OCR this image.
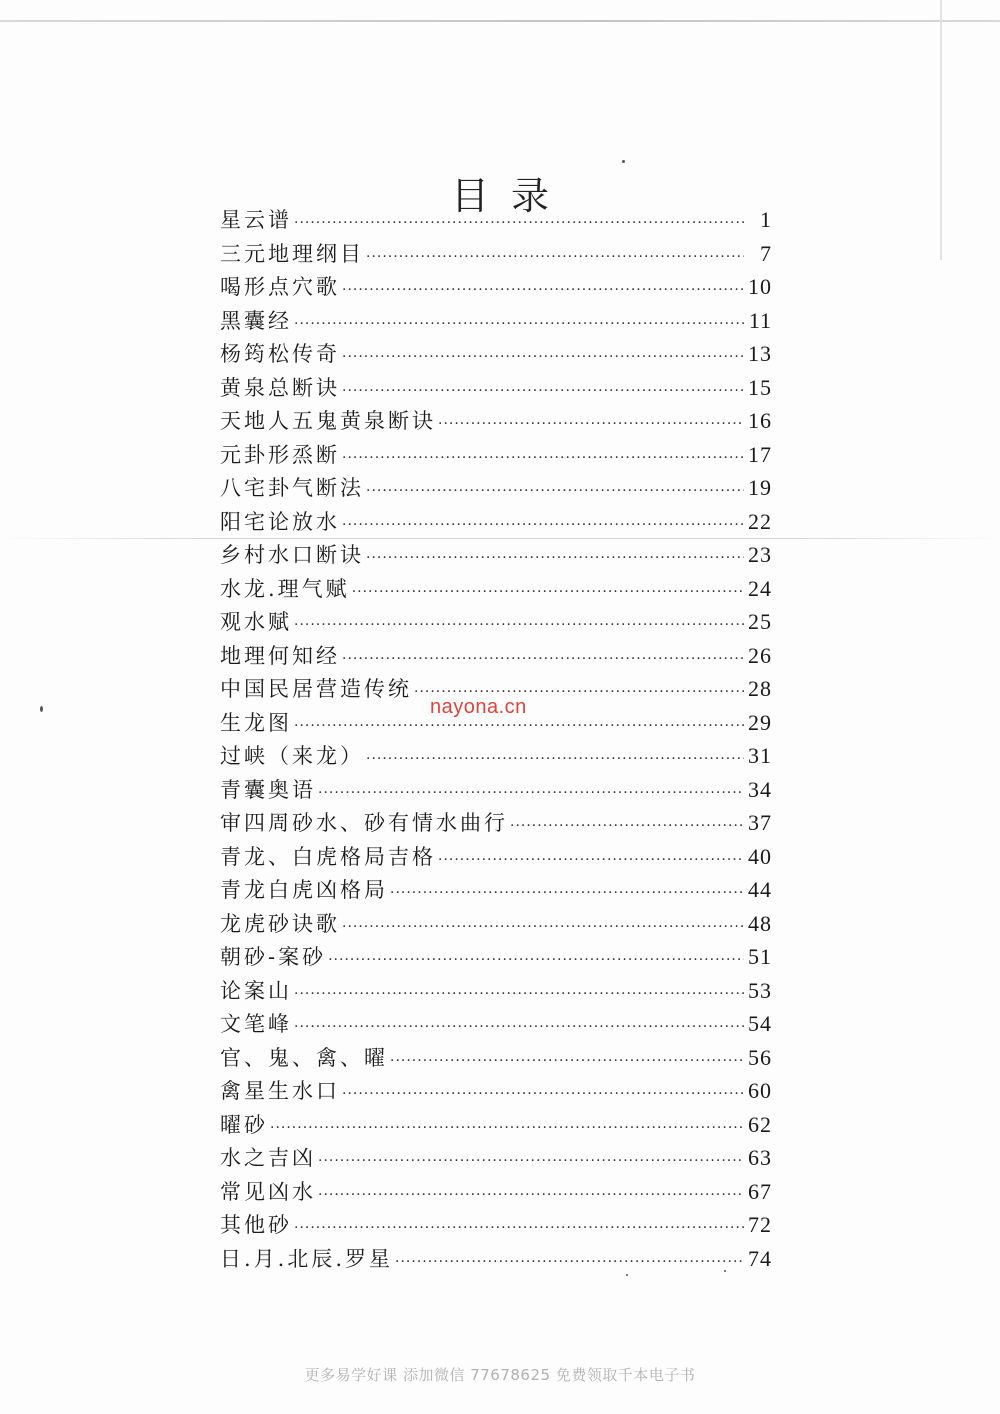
目录
星云谱 ·····	1
三元地理纲目 ·····	7
喝形点穴歌 ·····	10
黑囊经 ·····	11
杨筠松传奇 ·····	13
黄泉总断诀 ·····	15
天地人五鬼黄泉断诀 ·····	16
元卦形烝断 ·····	17
八宅卦气断法 ·····	19
阳宅论放水 ·····	22
乡村水口断诀 ·····	23
水龙.理气赋 ·····	24
观水赋 ·····	25
地理何知经 ·····	26
中国民居营造传统 ·····	28
生龙图 ·····	29
过峡（来龙） ·····	31
青囊奥语 ·····	34
审四周砂水、砂有情水曲行 ·····	37
青龙、白虎格局吉格 ·····	40
青龙白虎凶格局 ·····	44
龙虎砂诀歌 ·····	48
朝砂-案砂 ·····	51
论案山 ·····	53
文笔峰 ·····	54
官、鬼、禽、曜 ·····	56
禽星生水口 ·····	60
曜砂 ·····	62
水之吉凶 ·····	63
常见凶水 ·····	67
其他砂 ·····	72
日.月.北辰.罗星 ·····	74
nayona.cn
更多易学好课 添加微信 77678625 免费领取千本电子书
